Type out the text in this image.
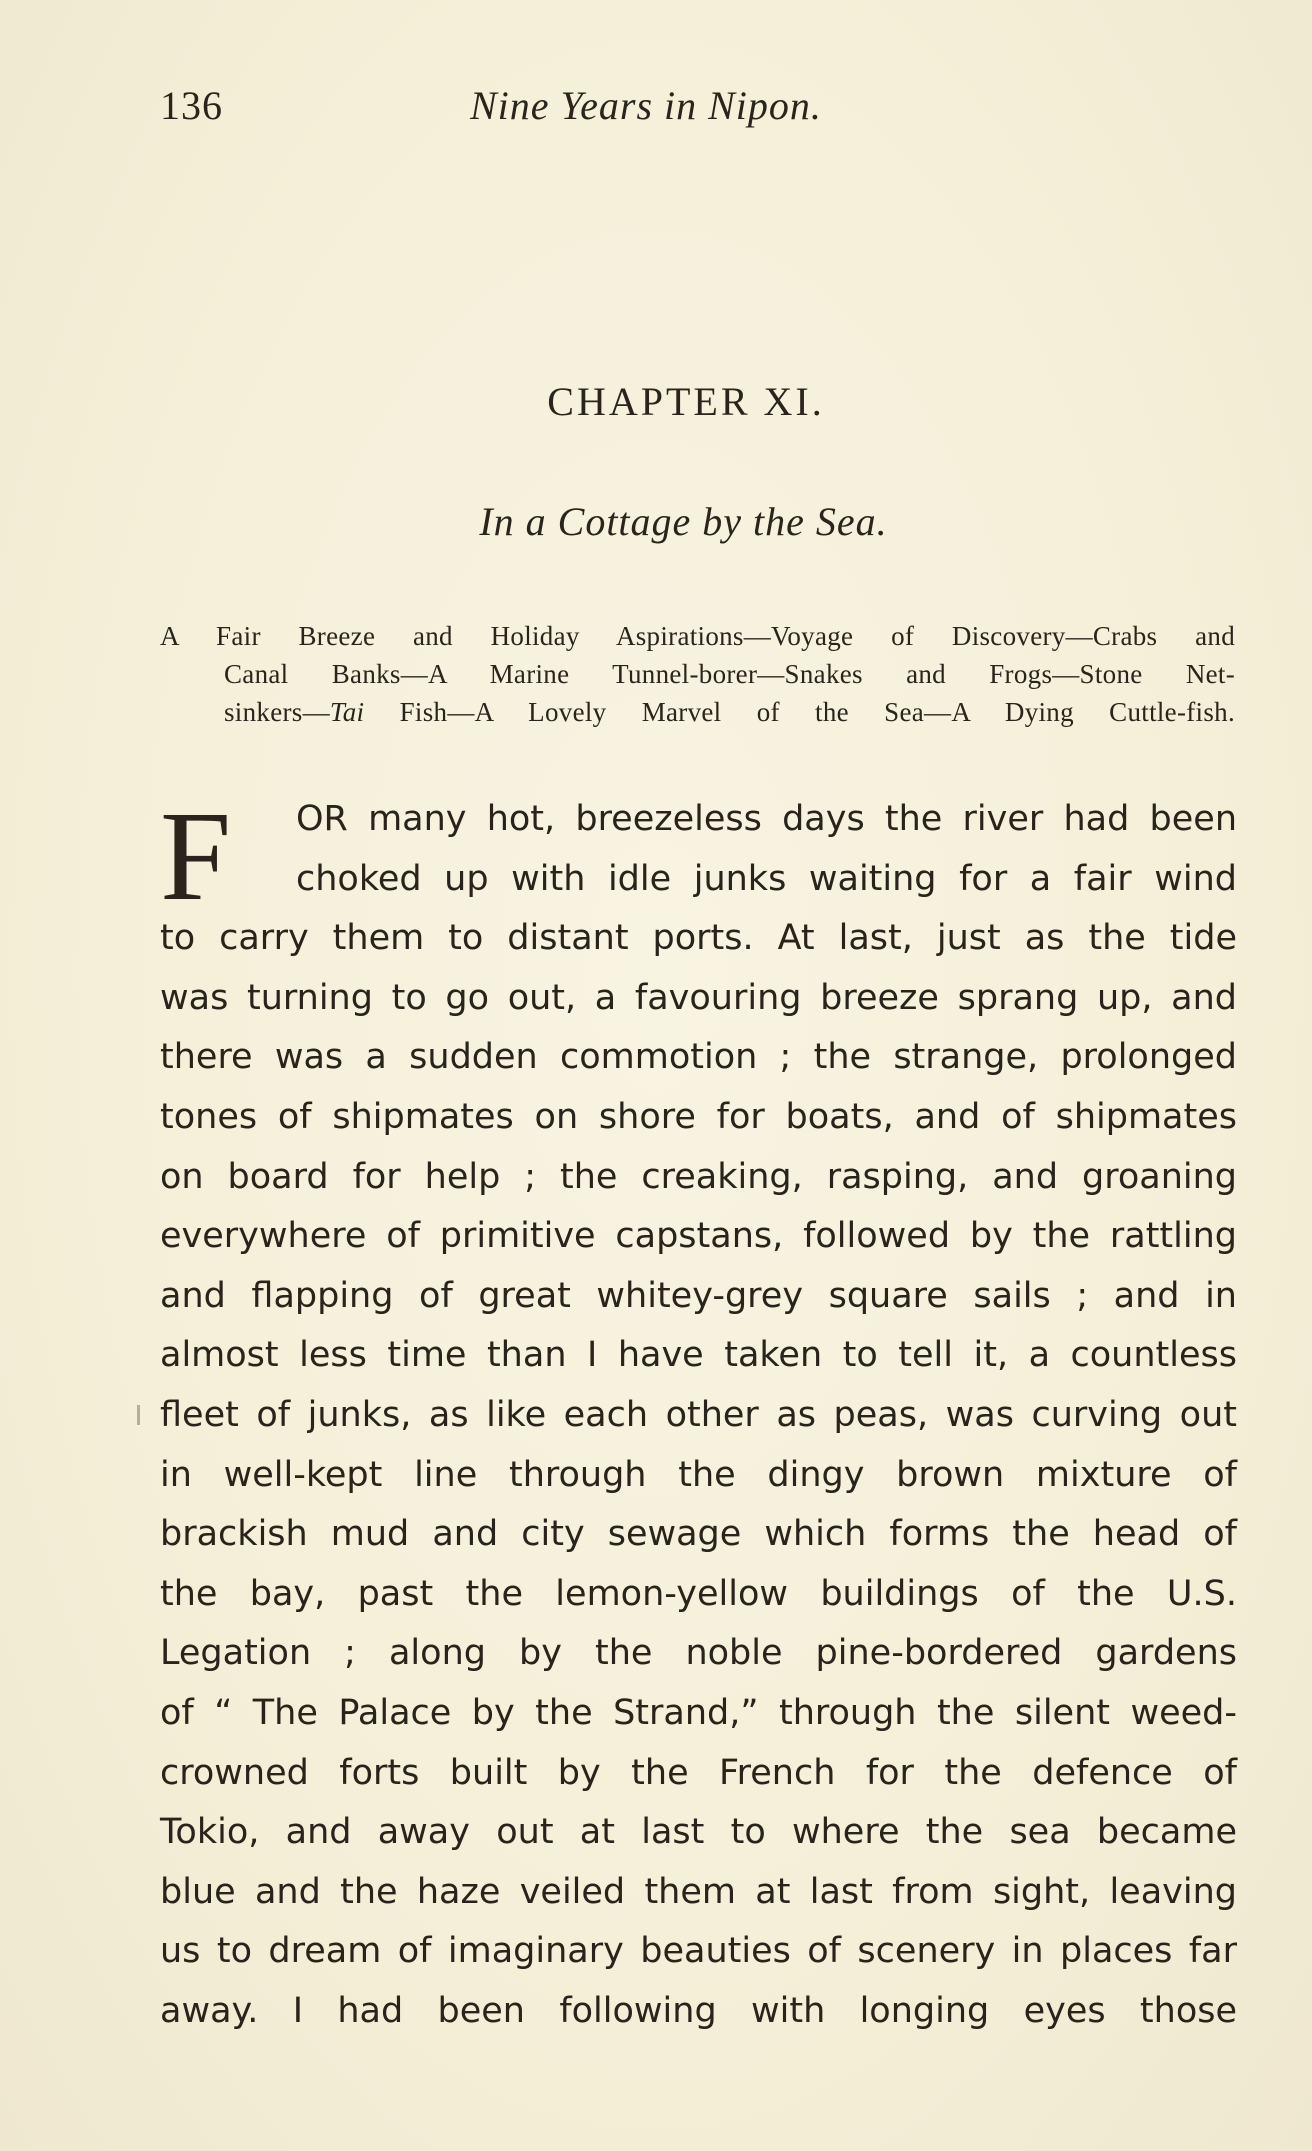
136	Nine Years in Nipon.
CHAPTER XI.
In a Cottage by the Sea.
A Fair Breeze and Holiday Aspirations—Voyage of Discovery—Crabs and
Canal Banks—A Marine Tunnel-borer—Snakes and Frogs—Stone Net-
sinkers—Tai Fish—A Lovely Marvel of the Sea—A Dying Cuttle-fish.
F OR many hot, breezeless days the river had been
choked up with idle junks waiting for a fair wind
to carry them to distant ports. At last, just as the tide
was turning to go out, a favouring breeze sprang up, and
there was a sudden commotion ; the strange, prolonged
tones of shipmates on shore for boats, and of shipmates
on board for help ; the creaking, rasping, and groaning
everywhere of primitive capstans, followed by the rattling
and flapping of great whitey-grey square sails ; and in
almost less time than I have taken to tell it, a countless
fleet of junks, as like each other as peas, was curving out
in well-kept line through the dingy brown mixture of
brackish mud and city sewage which forms the head of
the bay, past the lemon-yellow buildings of the U.S.
Legation ; along by the noble pine-bordered gardens
of “ The Palace by the Strand,” through the silent weed-
crowned forts built by the French for the defence of
Tokio, and away out at last to where the sea became
blue and the haze veiled them at last from sight, leaving
us to dream of imaginary beauties of scenery in places far
away. I had been following with longing eyes those
